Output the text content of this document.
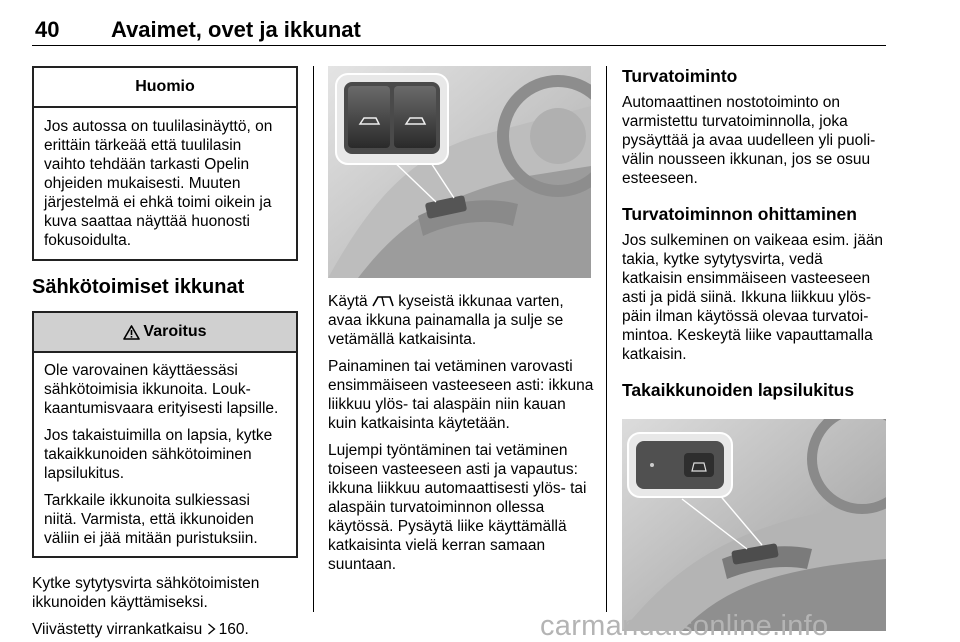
40 Avaimet, ovet ja ikkunat
Huomio

Jos autossa on tuulilasinäyttö, on erittäin tärkeää että tuulilasin vaihto tehdään tarkasti Opelin ohjeiden mukaisesti. Muuten järjestelmä ei ehkä toimi oikein ja kuva saattaa näyttää huonosti fokusoidulta.

Sähkötoimiset ikkunat
Varoitus

Ole varovainen käyttäessäsi sähkötoimisia ikkunoita. Loukkaantumisvaara erityisesti lapsille.

Jos takaistuimilla on lapsia, kytke takaikkunoiden sähkötoiminen lapsilukitus.

Tarkkaile ikkunoita sulkiessasi niitä. Varmista, että ikkunoiden väliin ei jää mitään puristuksiin.

Kytke sytytysvirta sähkötoimisten ikkunoiden käyttämiseksi.

Viivästetty virrankatkaisu 160.

Käytä  kyseistä ikkunaa varten, avaa ikkuna painamalla ja sulje se vetämällä katkaisinta.

Painaminen tai vetäminen varovasti ensimmäiseen vasteeseen asti: ikkuna liikkuu ylös- tai alaspäin niin kauan kuin katkaisinta käytetään.

Lujempi työntäminen tai vetäminen toiseen vasteeseen asti ja vapautus: ikkuna liikkuu automaattisesti ylös- tai alaspäin turvatoiminnon ollessa käytössä. Pysäytä liike käyttämällä katkaisinta vielä kerran samaan suuntaan.

Turvatoiminto

Automaattinen nostotoiminto on varmistettu turvatoiminnolla, joka pysäyttää ja avaa uudelleen yli puolivälin nousseen ikkunan, jos se osuu esteeseen.

Turvatoiminnon ohittaminen

Jos sulkeminen on vaikeaa esim. jään takia, kytke sytytysvirta, vedä katkaisin ensimmäiseen vasteeseen asti ja pidä siinä. Ikkuna liikkuu ylöspäin ilman käytössä olevaa turvatoimintoa. Keskeytä liike vapauttamalla katkaisin.

Takaikkunoiden lapsilukitus
carmanualsonline.info
